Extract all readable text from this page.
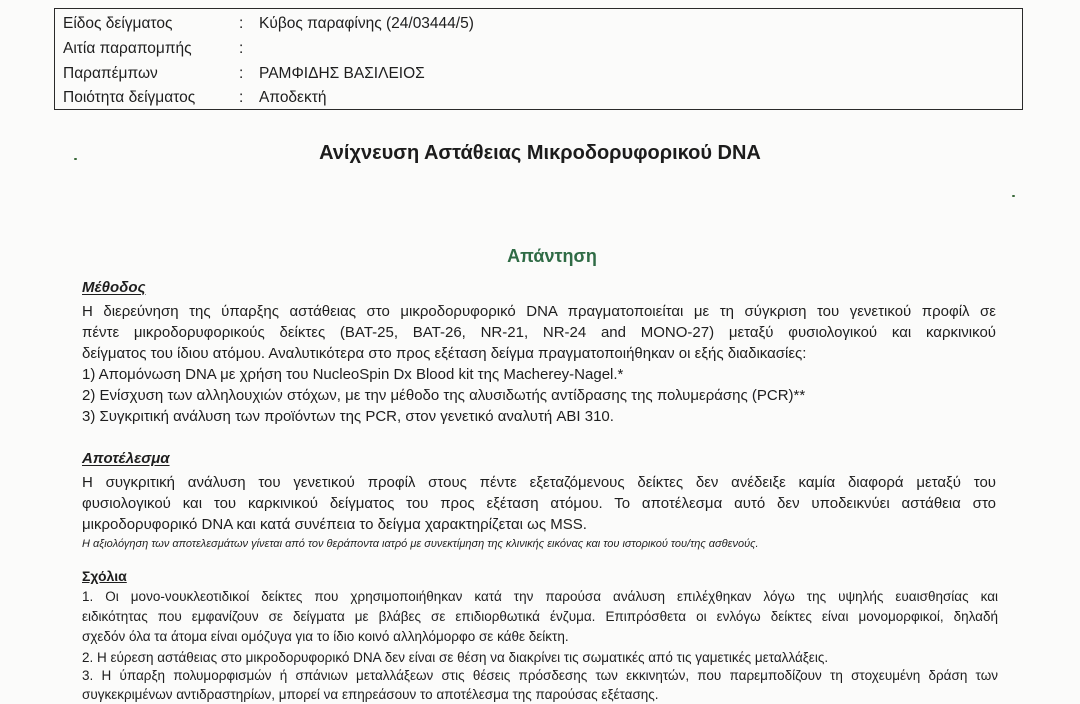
Είδος δείγματος	: Κύβος παραφίνης (24/03444/5)
Αιτία παραπομπής	:
Παραπέμπων	: ΡΑΜΦΙΔΗΣ ΒΑΣΙΛΕΙΟΣ
Ποιότητα δείγματος	: Αποδεκτή
Ανίχνευση Αστάθειας Μικροδορυφορικού DNA
Απάντηση
Μέθοδος
Η διερεύνηση της ύπαρξης αστάθειας στο μικροδορυφορικό DNA πραγματοποιείται με τη σύγκριση του γενετικού προφίλ σε
πέντε μικροδορυφορικούς δείκτες (BAT-25, BAT-26, NR-21, NR-24 and MONO-27) μεταξύ φυσιολογικού και καρκινικού
δείγματος του ίδιου ατόμου. Αναλυτικότερα στο προς εξέταση δείγμα πραγματοποιήθηκαν οι εξής διαδικασίες:
1) Απομόνωση DNA με χρήση του NucleoSpin Dx Blood kit της Macherey-Nagel.*
2) Ενίσχυση των αλληλουχιών στόχων, με την μέθοδο της αλυσιδωτής αντίδρασης της πολυμεράσης (PCR)**
3) Συγκριτική ανάλυση των προϊόντων της PCR, στον γενετικό αναλυτή ABI 310.
Αποτέλεσμα
Η συγκριτική ανάλυση του γενετικού προφίλ στους πέντε εξεταζόμενους δείκτες δεν ανέδειξε καμία διαφορά μεταξύ του
φυσιολογικού και του καρκινικού δείγματος του προς εξέταση ατόμου. Το αποτέλεσμα αυτό δεν υποδεικνύει αστάθεια στο
μικροδορυφορικό DNA και κατά συνέπεια το δείγμα χαρακτηρίζεται ως MSS.
Η αξιολόγηση των αποτελεσμάτων γίνεται από τον θεράποντα ιατρό με συνεκτίμηση της κλινικής εικόνας και του ιστορικού του/της ασθενούς.
Σχόλια
1. Οι μονο-νουκλεοτιδικοί δείκτες που χρησιμοποιήθηκαν κατά την παρούσα ανάλυση επιλέχθηκαν λόγω της υψηλής ευαισθησίας και
ειδικότητας που εμφανίζουν σε δείγματα με βλάβες σε επιδιορθωτικά ένζυμα. Επιπρόσθετα οι ενλόγω δείκτες είναι μονομορφικοί, δηλαδή
σχεδόν όλα τα άτομα είναι ομόζυγα για το ίδιο κοινό αλληλόμορφο σε κάθε δείκτη.
2. Η εύρεση αστάθειας στο μικροδορυφορικό DNA δεν είναι σε θέση να διακρίνει τις σωματικές από τις γαμετικές μεταλλάξεις.
3. Η ύπαρξη πολυμορφισμών ή σπάνιων μεταλλάξεων στις θέσεις πρόσδεσης των εκκινητών, που παρεμποδίζουν τη στοχευμένη δράση των
συγκεκριμένων αντιδραστηρίων, μπορεί να επηρεάσουν το αποτέλεσμα της παρούσας εξέτασης.
